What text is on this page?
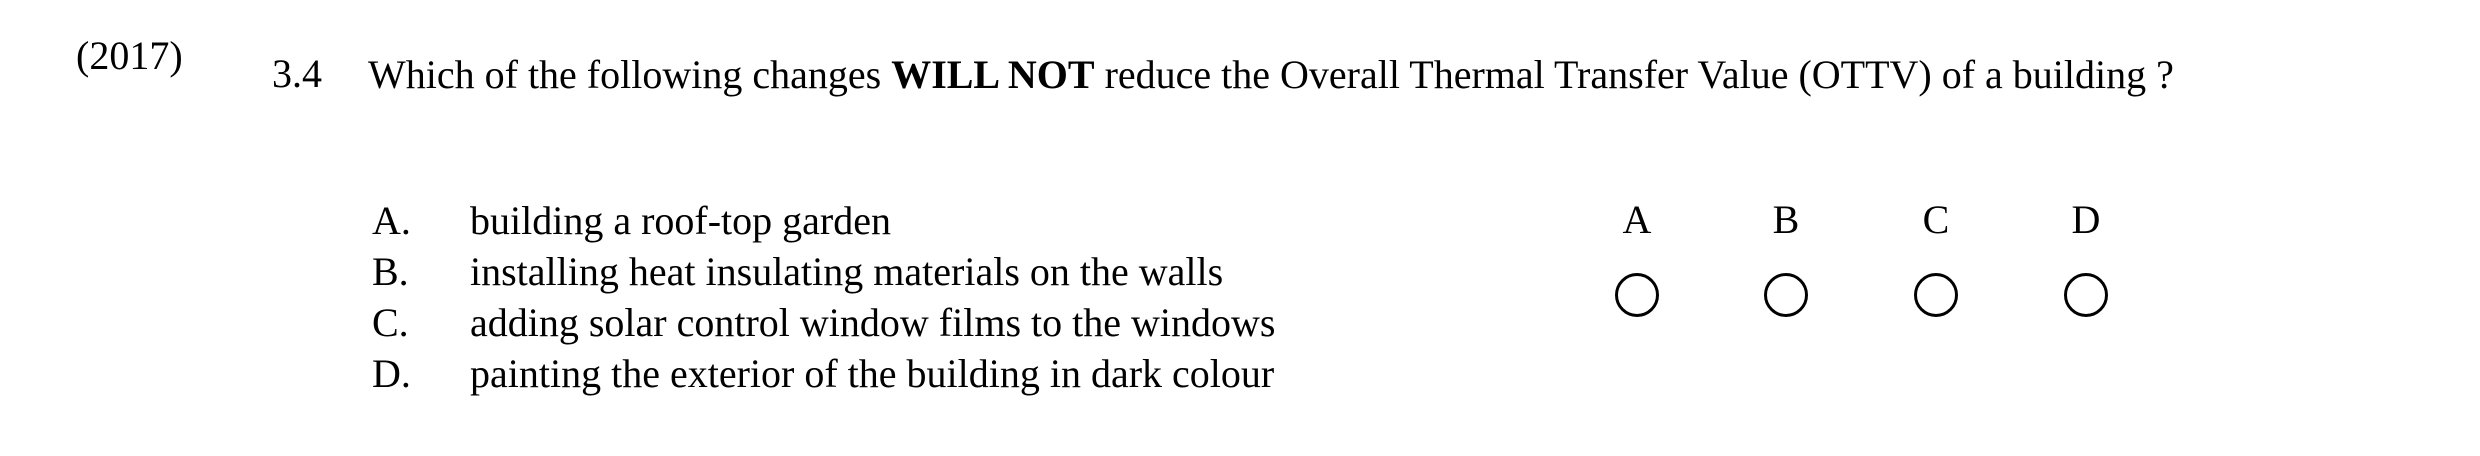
(2017) 3.4 Which of the following changes WILL NOT reduce the Overall Thermal Transfer Value (OTTV) of a building ?
A. building a roof-top garden
B. installing heat insulating materials on the walls
C. adding solar control window films to the windows
D. painting the exterior of the building in dark colour
A	B	C	D
